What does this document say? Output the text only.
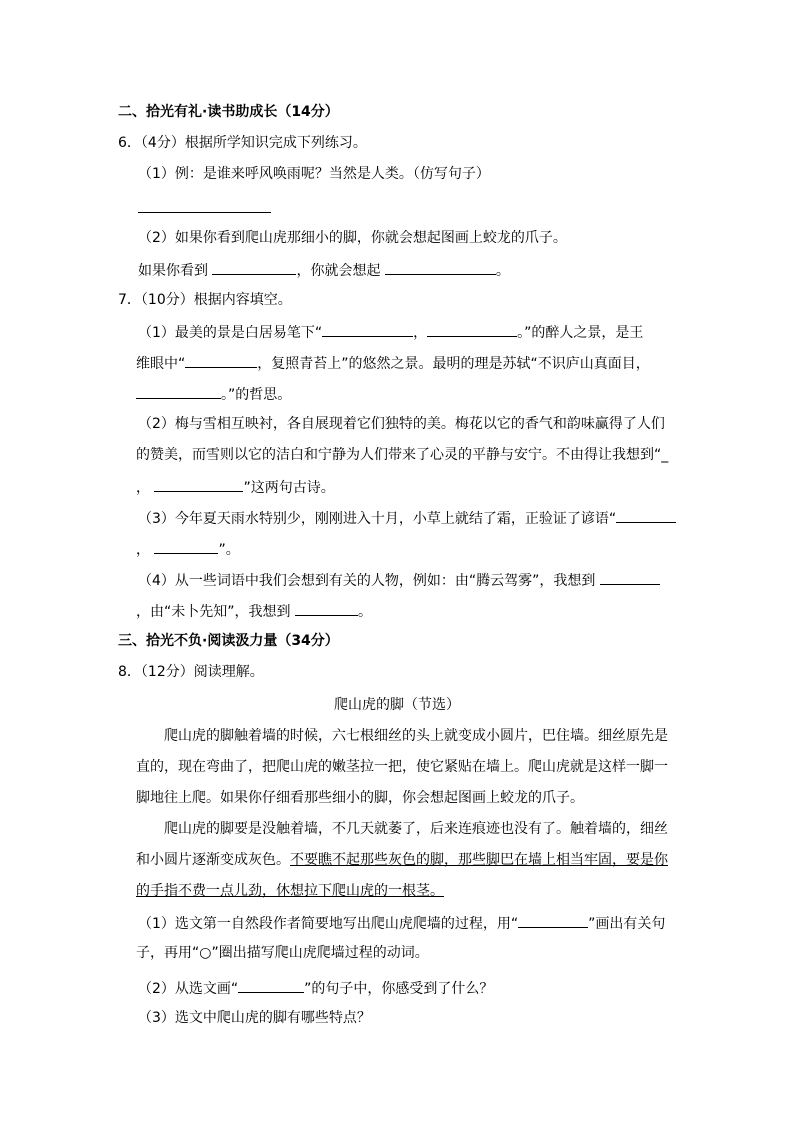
二、拾光有礼·读书助成长（14分）
6．（4分）根据所学知识完成下列练习。
（1）例：是谁来呼风唤雨呢？当然是人类。（仿写句子）
（2）如果你看到爬山虎那细小的脚，你就会想起图画上蛟龙的爪子。
如果你看到	，你就会想起	。
7．（10分）根据内容填空。
（1）最美的景是白居易笔下“	，	。”的醉人之景，是王
维眼中“	，复照青苔上”的悠然之景。最明的理是苏轼“不识庐山真面目，
。”的哲思。
（2）梅与雪相互映衬，各自展现着它们独特的美。梅花以它的香气和韵味赢得了人们
的赞美，而雪则以它的洁白和宁静为人们带来了心灵的平静与安宁。不由得让我想到“_
，	”这两句古诗。
（3）今年夏天雨水特别少，刚刚进入十月，小草上就结了霜，正验证了谚语“
，	”。
（4）从一些词语中我们会想到有关的人物，例如：由“腾云驾雾”，我想到
，由“未卜先知”，我想到	。
三、拾光不负·阅读汲力量（34分）
8．（12分）阅读理解。
爬山虎的脚（节选）
爬山虎的脚触着墙的时候，六七根细丝的头上就变成小圆片，巴住墙。细丝原先是
直的，现在弯曲了，把爬山虎的嫩茎拉一把，使它紧贴在墙上。爬山虎就是这样一脚一
脚地往上爬。如果你仔细看那些细小的脚，你会想起图画上蛟龙的爪子。
爬山虎的脚要是没触着墙，不几天就萎了，后来连痕迹也没有了。触着墙的，细丝
和小圆片逐渐变成灰色。不要瞧不起那些灰色的脚，那些脚巴在墙上相当牢固，要是你
的手指不费一点儿劲，休想拉下爬山虎的一根茎。
（1）选文第一自然段作者简要地写出爬山虎爬墙的过程，用“	”画出有关句
子，再用“○”圈出描写爬山虎爬墙过程的动词。
（2）从选文画“	”的句子中，你感受到了什么？
（3）选文中爬山虎的脚有哪些特点？
